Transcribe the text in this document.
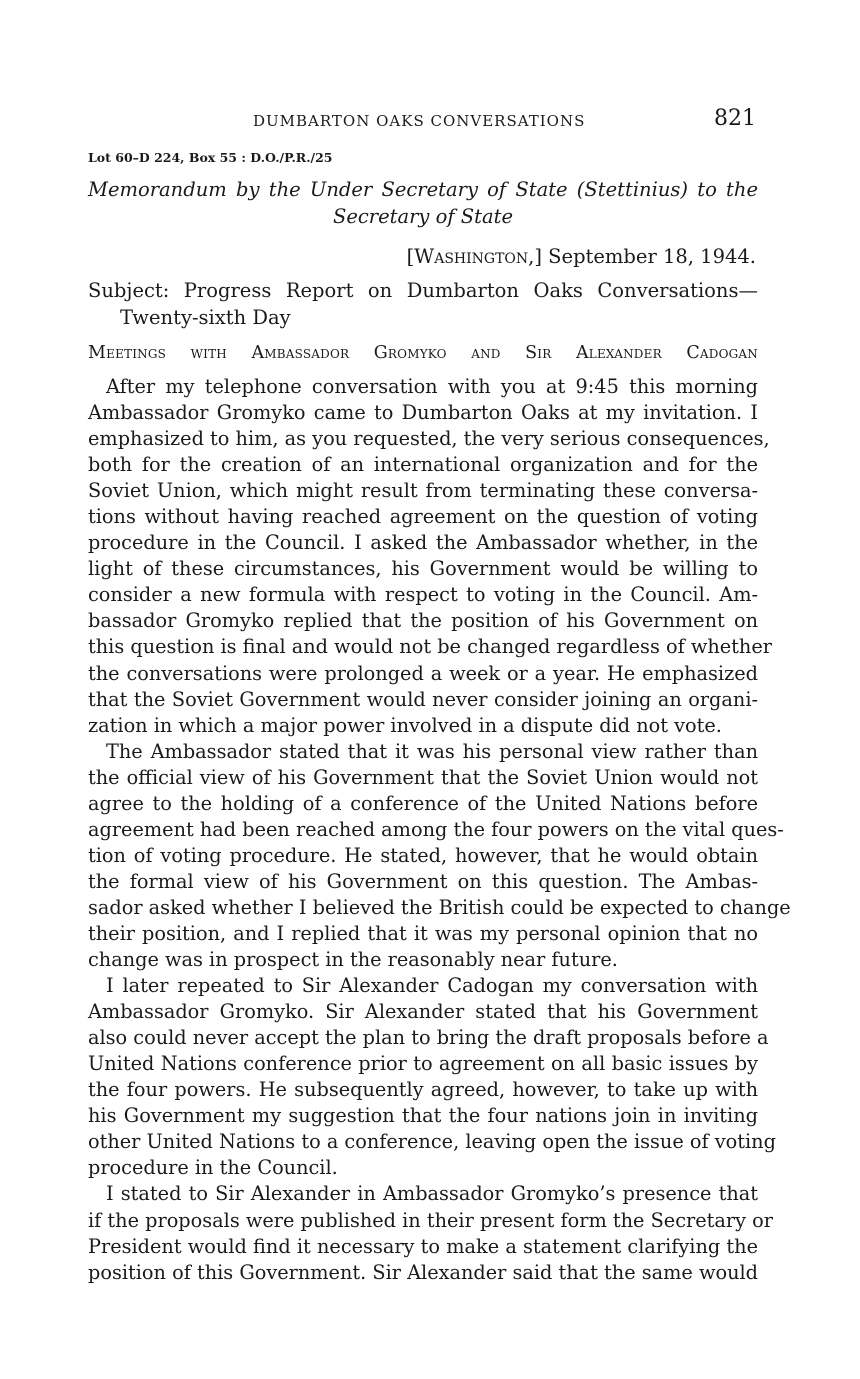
DUMBARTON OAKS CONVERSATIONS	821
Lot 60–D 224, Box 55 : D.O./P.R./25
Memorandum by the Under Secretary of State (Stettinius) to the
Secretary of State
[Washington,] September 18, 1944.
Subject: Progress Report on Dumbarton Oaks Conversations—
Twenty-sixth Day
Meetings with Ambassador Gromyko and Sir Alexander Cadogan
After my telephone conversation with you at 9:45 this morning
Ambassador Gromyko came to Dumbarton Oaks at my invitation. I
emphasized to him, as you requested, the very serious consequences,
both for the creation of an international organization and for the
Soviet Union, which might result from terminating these conversa-
tions without having reached agreement on the question of voting
procedure in the Council. I asked the Ambassador whether, in the
light of these circumstances, his Government would be willing to
consider a new formula with respect to voting in the Council. Am-
bassador Gromyko replied that the position of his Government on
this question is final and would not be changed regardless of whether
the conversations were prolonged a week or a year. He emphasized
that the Soviet Government would never consider joining an organi-
zation in which a major power involved in a dispute did not vote.
The Ambassador stated that it was his personal view rather than
the official view of his Government that the Soviet Union would not
agree to the holding of a conference of the United Nations before
agreement had been reached among the four powers on the vital ques-
tion of voting procedure. He stated, however, that he would obtain
the formal view of his Government on this question. The Ambas-
sador asked whether I believed the British could be expected to change
their position, and I replied that it was my personal opinion that no
change was in prospect in the reasonably near future.
I later repeated to Sir Alexander Cadogan my conversation with
Ambassador Gromyko. Sir Alexander stated that his Government
also could never accept the plan to bring the draft proposals before a
United Nations conference prior to agreement on all basic issues by
the four powers. He subsequently agreed, however, to take up with
his Government my suggestion that the four nations join in inviting
other United Nations to a conference, leaving open the issue of voting
procedure in the Council.
I stated to Sir Alexander in Ambassador Gromyko’s presence that
if the proposals were published in their present form the Secretary or
President would find it necessary to make a statement clarifying the
position of this Government. Sir Alexander said that the same would
